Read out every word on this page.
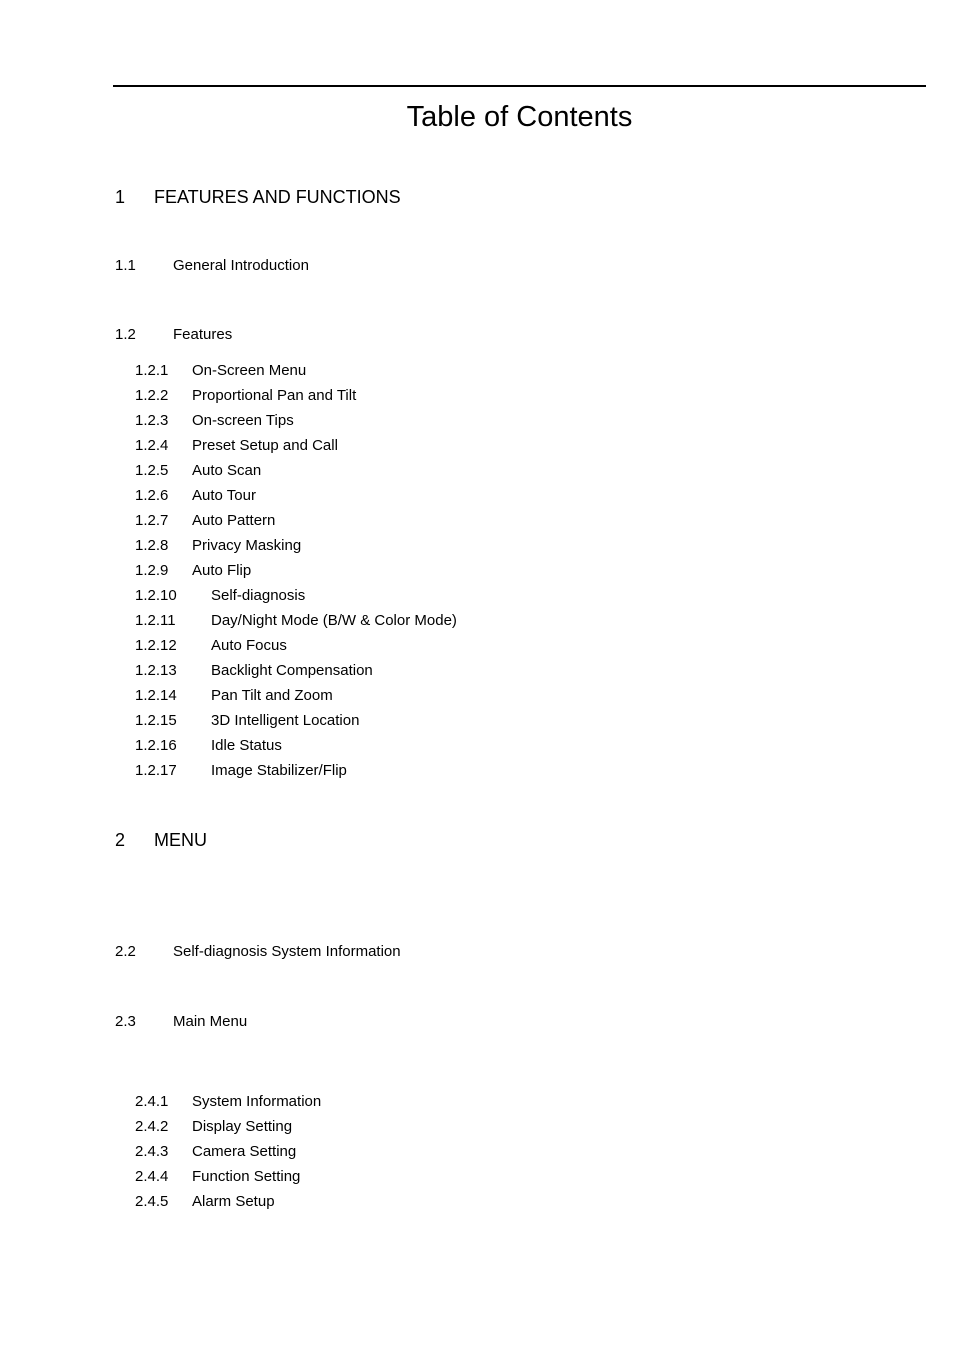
Table of Contents
1 FEATURES AND FUNCTIONS
1.1 General Introduction
1.2 Features
1.2.1 On-Screen Menu
1.2.2 Proportional Pan and Tilt
1.2.3 On-screen Tips
1.2.4 Preset Setup and Call
1.2.5 Auto Scan
1.2.6 Auto Tour
1.2.7 Auto Pattern
1.2.8 Privacy Masking
1.2.9 Auto Flip
1.2.10 Self-diagnosis
1.2.11 Day/Night Mode (B/W & Color Mode)
1.2.12 Auto Focus
1.2.13 Backlight Compensation
1.2.14 Pan Tilt and Zoom
1.2.15 3D Intelligent Location
1.2.16 Idle Status
1.2.17 Image Stabilizer/Flip
2 MENU
2.2 Self-diagnosis System Information
2.3 Main Menu
2.4.1 System Information
2.4.2 Display Setting
2.4.3 Camera Setting
2.4.4 Function Setting
2.4.5 Alarm Setup
